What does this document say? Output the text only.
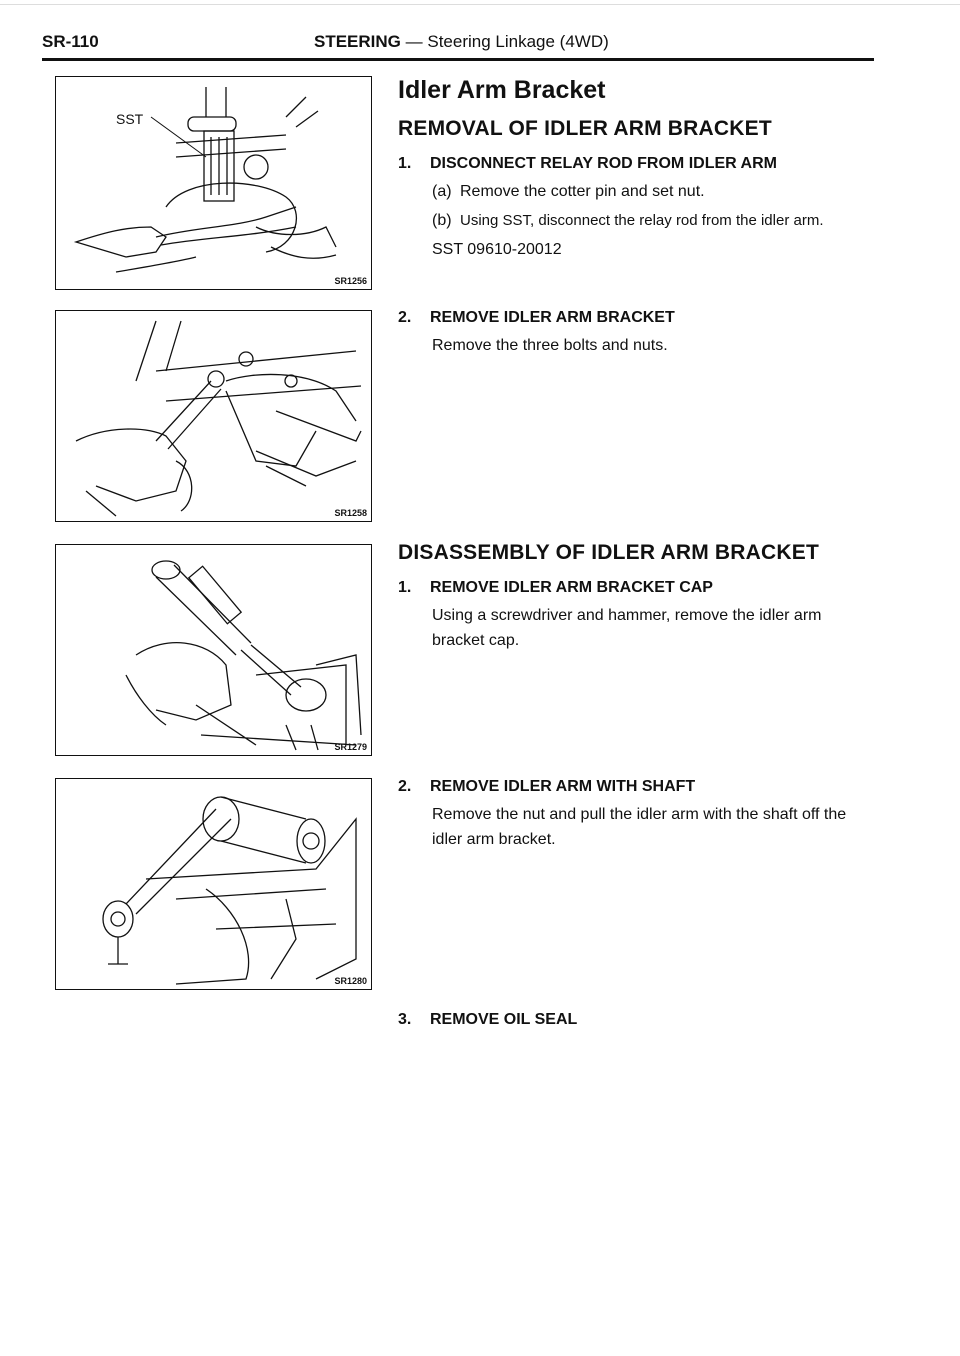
SR-110	STEERING — Steering Linkage (4WD)
SST
SR1256
SR1258
SR1279
SR1280
Idler Arm Bracket
REMOVAL OF IDLER ARM BRACKET
1. DISCONNECT RELAY ROD FROM IDLER ARM
(a) Remove the cotter pin and set nut.
(b) Using SST, disconnect the relay rod from the idler arm.
SST 09610-20012
2. REMOVE IDLER ARM BRACKET
Remove the three bolts and nuts.
DISASSEMBLY OF IDLER ARM BRACKET
1. REMOVE IDLER ARM BRACKET CAP
Using a screwdriver and hammer, remove the idler arm bracket cap.
2. REMOVE IDLER ARM WITH SHAFT
Remove the nut and pull the idler arm with the shaft off the idler arm bracket.
3. REMOVE OIL SEAL
